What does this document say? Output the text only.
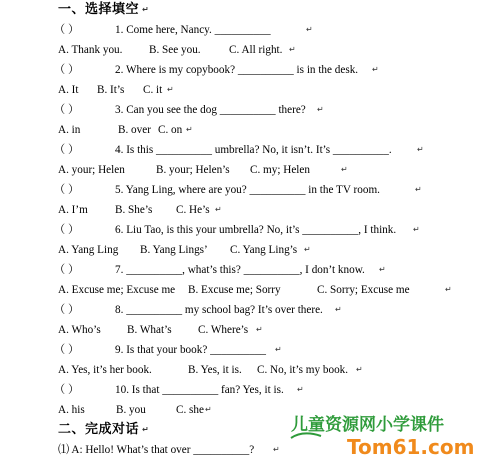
一、选择填空 ↵
（ ）	1. Come here, Nancy. __________	↵
A. Thank you. B. See you.	C. All right. ↵
（ ）	2. Where is my copybook? __________ is in the desk. ↵
A. It B. It’s C. it ↵
（ ）	3. Can you see the dog __________ there? ↵
A. in	B. over C. on ↵
（ ）	4. Is this __________ umbrella? No, it isn’t. It’s __________.	↵
A. your; Helen	B. your; Helen’s C. my; Helen	↵
（ ）	5. Yang Ling, where are you? __________ in the TV room.	↵
A. I’m B. She’s C. He’s ↵
（ ）	6. Liu Tao, is this your umbrella? No, it’s __________, I think. ↵
A. Yang Ling B. Yang Lings’ C. Yang Ling’s ↵
（ ）	7. __________, what’s this? __________, I don’t know. ↵
A. Excuse me; Excuse me B. Excuse me; Sorry	C. Sorry; Excuse me	↵
（ ）	8. __________ my school bag? It’s over there. ↵
A. Who’s B. What’s C. Where’s ↵
（ ）	9. Is that your book? __________ ↵
A. Yes, it’s her book.	B. Yes, it is. C. No, it’s my book. ↵
（ ）	10. Is that __________ fan? Yes, it is. ↵
A. his	B. you	C. she ↵
二、完成对话 ↵
⑴ A: Hello! What’s that over __________? ↵
儿童资源网小学课件
Tom61.com
